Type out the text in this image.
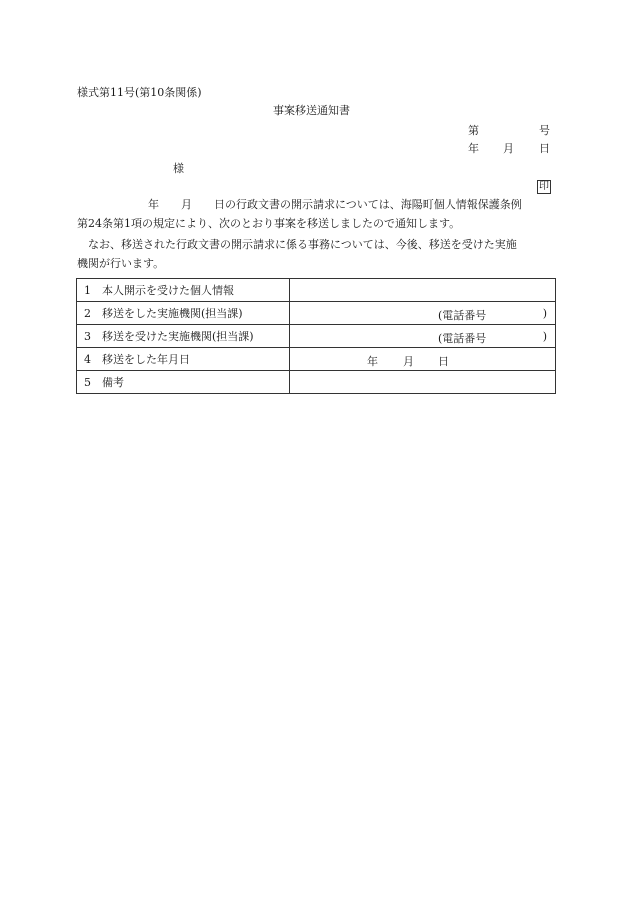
様式第11号(第10条関係)
事案移送通知書
第	号
年 月 日
様
印
年　　月　　日の行政文書の開示請求については、海陽町個人情報保護条例
第24条第1項の規定により、次のとおり事案を移送しましたので通知します。
なお、移送された行政文書の開示請求に係る事務については、今後、移送を受けた実施
機関が行います。
1 本人開示を受けた個人情報	
2 移送をした実施機関(担当課)	(電話番号 )

3 移送を受けた実施機関(担当課)	(電話番号 )

4 移送をした年月日	年 月 日

5 備考	
